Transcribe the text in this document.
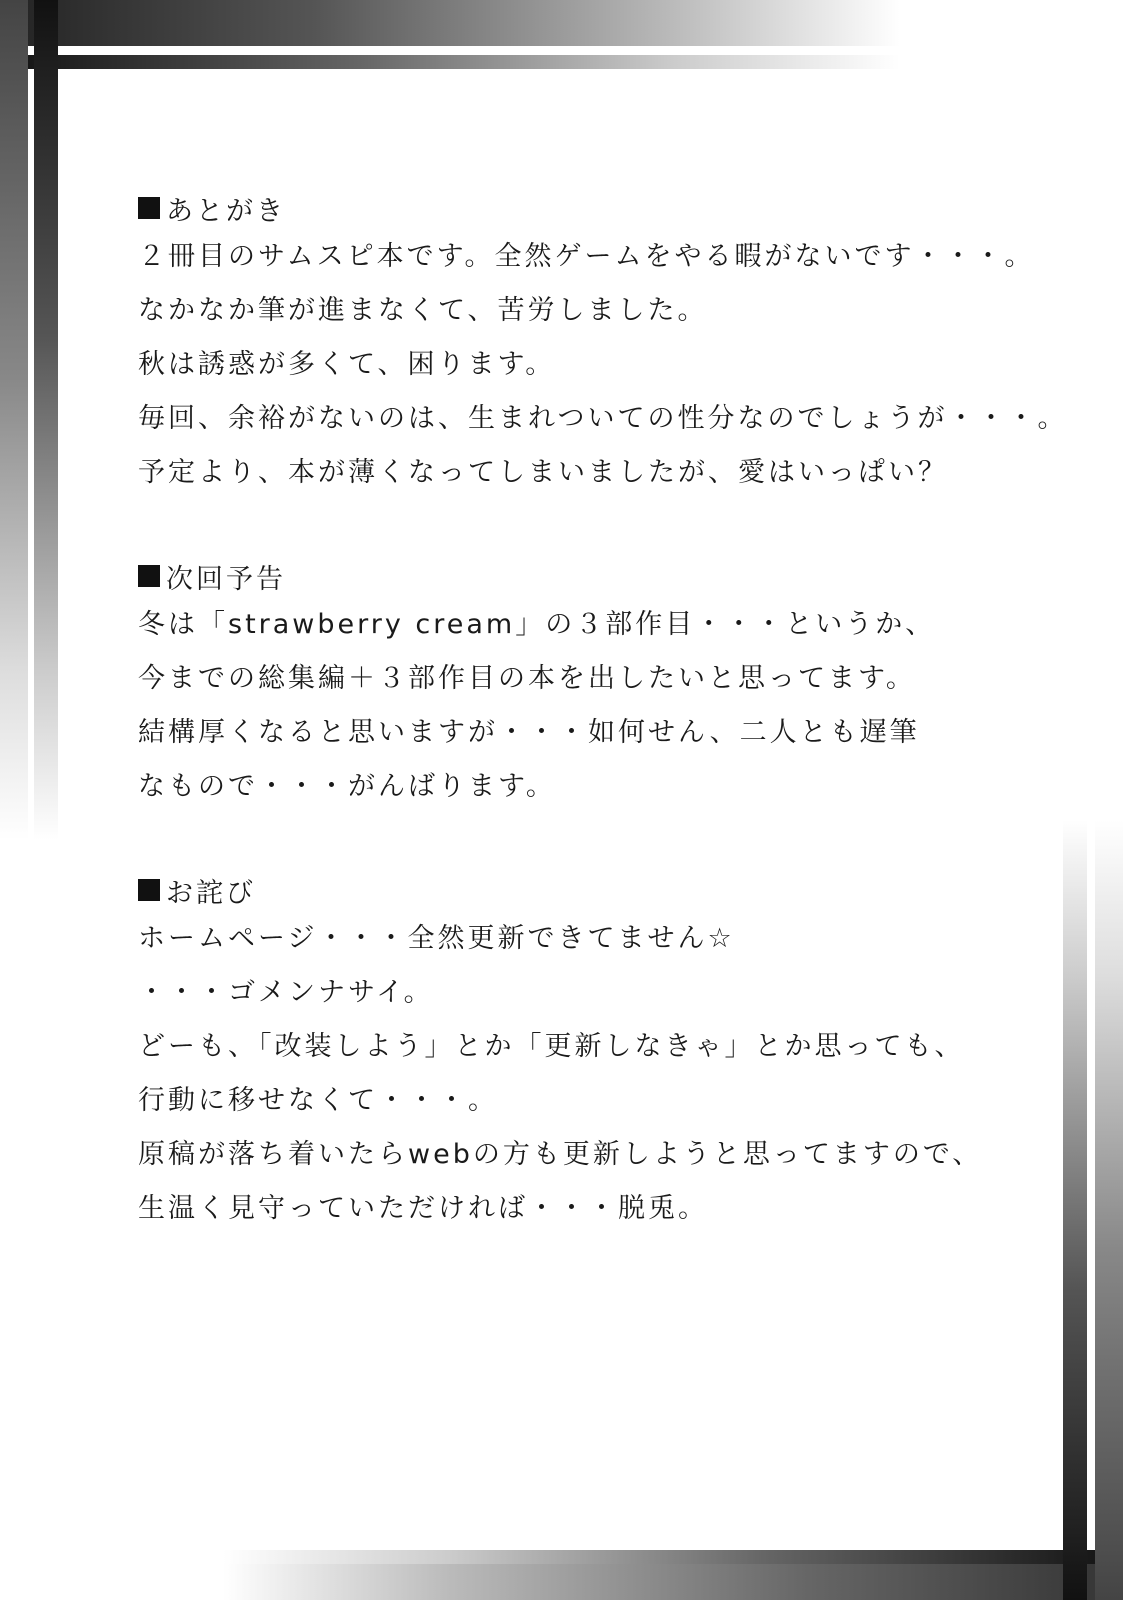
あとがき
２冊目のサムスピ本です。全然ゲームをやる暇がないです・・・。
なかなか筆が進まなくて、苦労しました。
秋は誘惑が多くて、困ります。
毎回、余裕がないのは、生まれついての性分なのでしょうが・・・。
予定より、本が薄くなってしまいましたが、愛はいっぱい？
次回予告
冬は「strawberry cream」の３部作目・・・というか、
今までの総集編＋３部作目の本を出したいと思ってます。
結構厚くなると思いますが・・・如何せん、二人とも遅筆
なもので・・・がんばります。
お詫び
ホームページ・・・全然更新できてません☆
・・・ゴメンナサイ。
どーも、「改装しよう」とか「更新しなきゃ」とか思っても、
行動に移せなくて・・・。
原稿が落ち着いたらwebの方も更新しようと思ってますので、
生温く見守っていただければ・・・脱兎。
